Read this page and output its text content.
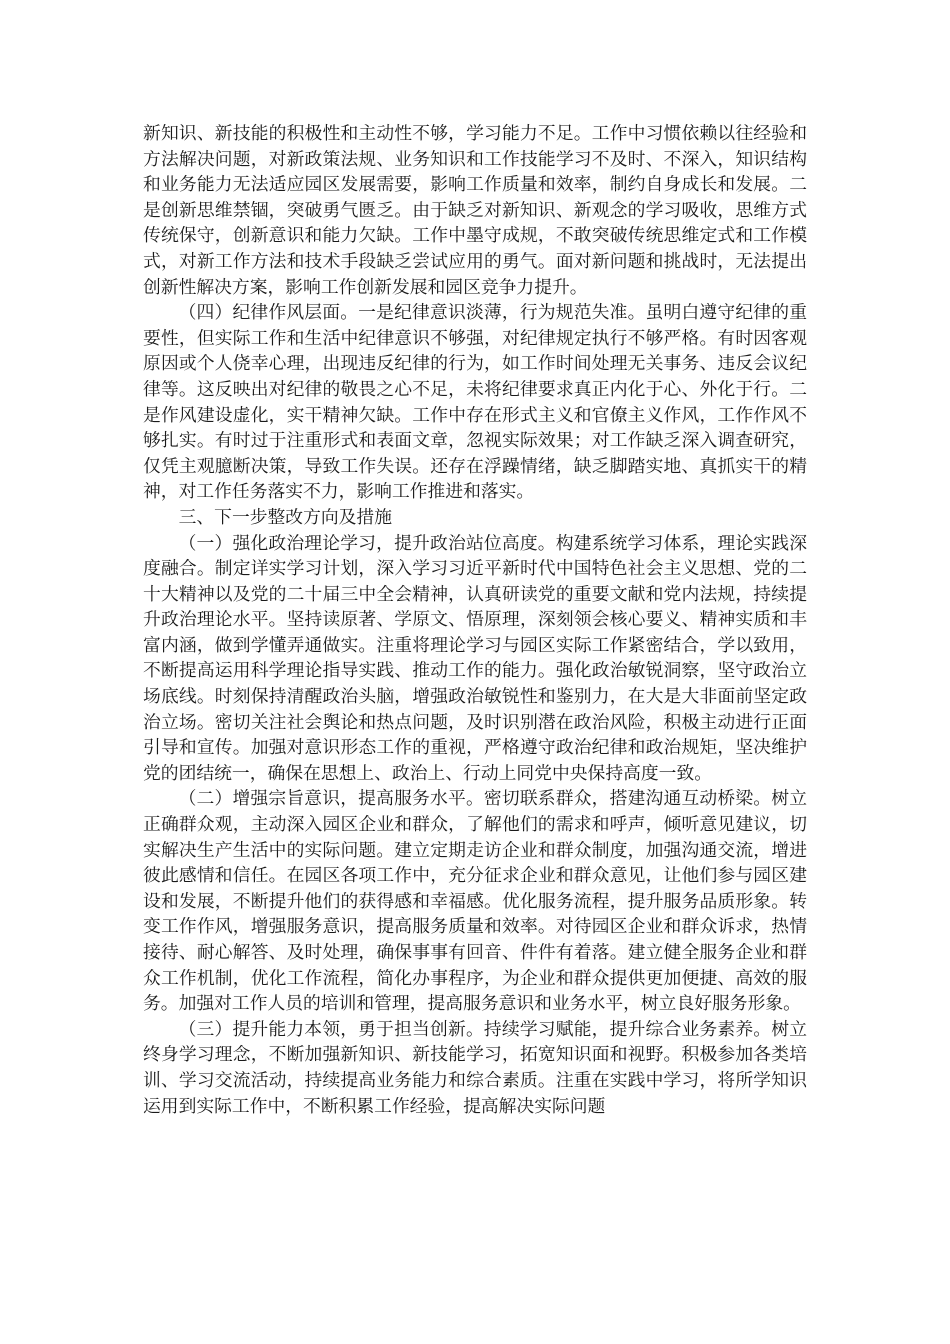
新知识、新技能的积极性和主动性不够，学习能力不足。工作中习惯依赖以往经验和方法解决问题，对新政策法规、业务知识和工作技能学习不及时、不深入，知识结构和业务能力无法适应园区发展需要，影响工作质量和效率，制约自身成长和发展。二是创新思维禁锢，突破勇气匮乏。由于缺乏对新知识、新观念的学习吸收，思维方式传统保守，创新意识和能力欠缺。工作中墨守成规，不敢突破传统思维定式和工作模式，对新工作方法和技术手段缺乏尝试应用的勇气。面对新问题和挑战时，无法提出创新性解决方案，影响工作创新发展和园区竞争力提升。

（四）纪律作风层面。一是纪律意识淡薄，行为规范失准。虽明白遵守纪律的重要性，但实际工作和生活中纪律意识不够强，对纪律规定执行不够严格。有时因客观原因或个人侥幸心理，出现违反纪律的行为，如工作时间处理无关事务、违反会议纪律等。这反映出对纪律的敬畏之心不足，未将纪律要求真正内化于心、外化于行。二是作风建设虚化，实干精神欠缺。工作中存在形式主义和官僚主义作风，工作作风不够扎实。有时过于注重形式和表面文章，忽视实际效果；对工作缺乏深入调查研究，仅凭主观臆断决策，导致工作失误。还存在浮躁情绪，缺乏脚踏实地、真抓实干的精神，对工作任务落实不力，影响工作推进和落实。

三、下一步整改方向及措施

（一）强化政治理论学习，提升政治站位高度。构建系统学习体系，理论实践深度融合。制定详实学习计划，深入学习习近平新时代中国特色社会主义思想、党的二十大精神以及党的二十届三中全会精神，认真研读党的重要文献和党内法规，持续提升政治理论水平。坚持读原著、学原文、悟原理，深刻领会核心要义、精神实质和丰富内涵，做到学懂弄通做实。注重将理论学习与园区实际工作紧密结合，学以致用，不断提高运用科学理论指导实践、推动工作的能力。强化政治敏锐洞察，坚守政治立场底线。时刻保持清醒政治头脑，增强政治敏锐性和鉴别力，在大是大非面前坚定政治立场。密切关注社会舆论和热点问题，及时识别潜在政治风险，积极主动进行正面引导和宣传。加强对意识形态工作的重视，严格遵守政治纪律和政治规矩，坚决维护党的团结统一，确保在思想上、政治上、行动上同党中央保持高度一致。

（二）增强宗旨意识，提高服务水平。密切联系群众，搭建沟通互动桥梁。树立正确群众观，主动深入园区企业和群众，了解他们的需求和呼声，倾听意见建议，切实解决生产生活中的实际问题。建立定期走访企业和群众制度，加强沟通交流，增进彼此感情和信任。在园区各项工作中，充分征求企业和群众意见，让他们参与园区建设和发展，不断提升他们的获得感和幸福感。优化服务流程，提升服务品质形象。转变工作作风，增强服务意识，提高服务质量和效率。对待园区企业和群众诉求，热情接待、耐心解答、及时处理，确保事事有回音、件件有着落。建立健全服务企业和群众工作机制，优化工作流程，简化办事程序，为企业和群众提供更加便捷、高效的服务。加强对工作人员的培训和管理，提高服务意识和业务水平，树立良好服务形象。

（三）提升能力本领，勇于担当创新。持续学习赋能，提升综合业务素养。树立终身学习理念，不断加强新知识、新技能学习，拓宽知识面和视野。积极参加各类培训、学习交流活动，持续提高业务能力和综合素质。注重在实践中学习，将所学知识运用到实际工作中，不断积累工作经验，提高解决实际问题
